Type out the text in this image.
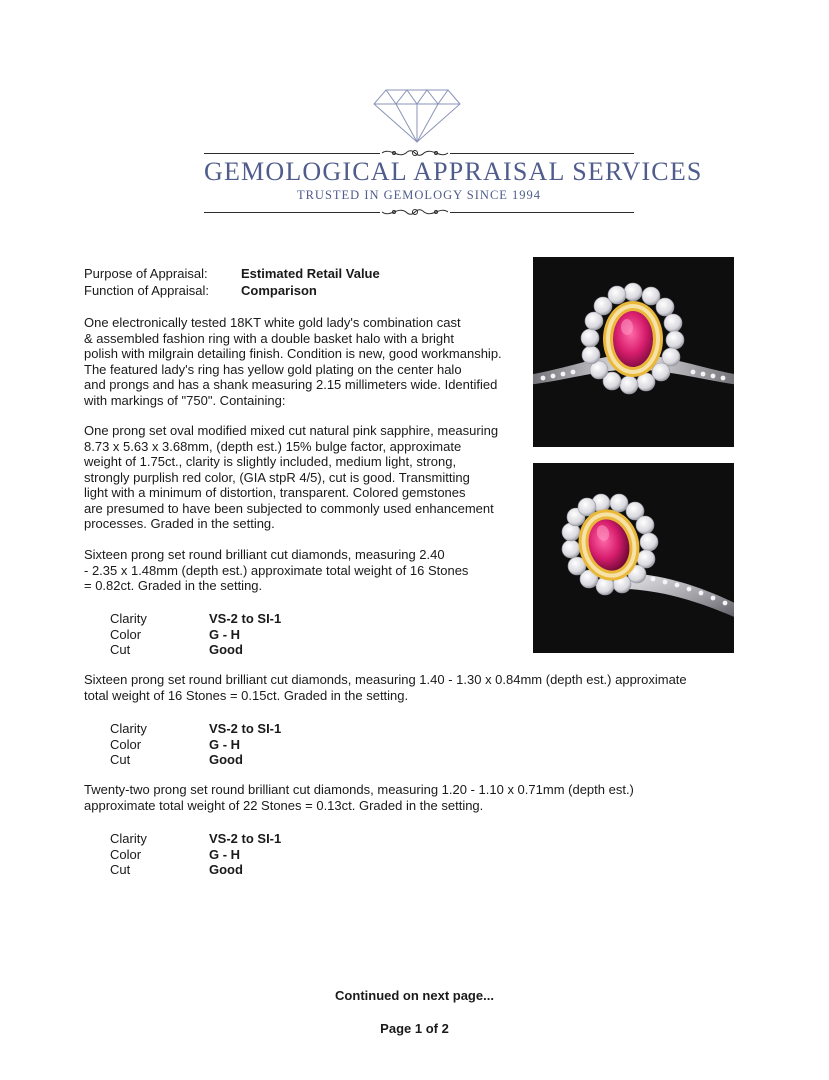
GEMOLOGICAL APPRAISAL SERVICES
TRUSTED IN GEMOLOGY SINCE 1994
Purpose of Appraisal:	Estimated Retail Value
Function of Appraisal:	Comparison
One electronically tested 18KT white gold lady's combination cast
& assembled fashion ring with a double basket halo with a bright
polish with milgrain detailing finish. Condition is new, good workmanship.
The featured lady's ring has yellow gold plating on the center halo
and prongs and has a shank measuring 2.15 millimeters wide. Identified
with markings of "750". Containing:
One prong set oval modified mixed cut natural pink sapphire, measuring
8.73 x 5.63 x 3.68mm, (depth est.) 15% bulge factor, approximate
weight of 1.75ct., clarity is slightly included, medium light, strong,
strongly purplish red color, (GIA stpR 4/5), cut is good. Transmitting
light with a minimum of distortion, transparent. Colored gemstones
are presumed to have been subjected to commonly used enhancement
processes. Graded in the setting.
Sixteen prong set round brilliant cut diamonds, measuring 2.40
- 2.35 x 1.48mm (depth est.) approximate total weight of 16 Stones
= 0.82ct. Graded in the setting.
Clarity	VS-2 to SI-1
Color	G - H
Cut	Good
Sixteen prong set round brilliant cut diamonds, measuring 1.40 - 1.30 x 0.84mm (depth est.) approximate
total weight of 16 Stones = 0.15ct. Graded in the setting.
Clarity	VS-2 to SI-1
Color	G - H
Cut	Good
Twenty-two prong set round brilliant cut diamonds, measuring 1.20 - 1.10 x 0.71mm (depth est.)
approximate total weight of 22 Stones = 0.13ct. Graded in the setting.
Clarity	VS-2 to SI-1
Color	G - H
Cut	Good
Continued on next page...
Page 1 of 2
